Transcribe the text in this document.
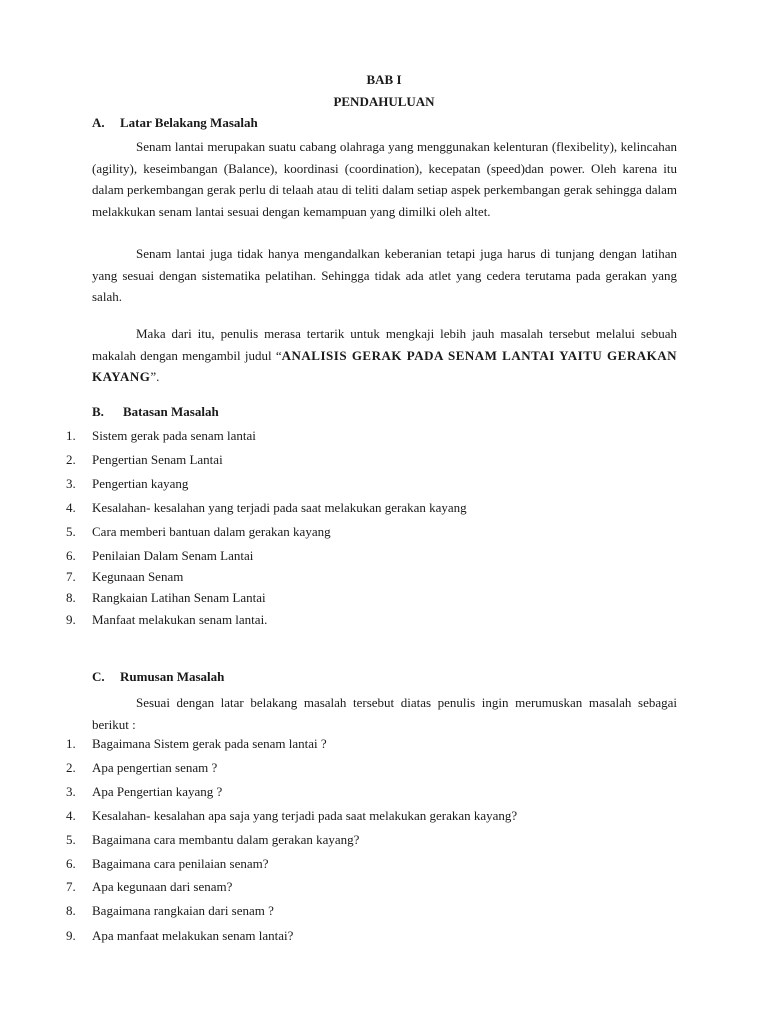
BAB I
PENDAHULUAN
A. Latar Belakang Masalah
Senam lantai merupakan suatu cabang olahraga yang menggunakan kelenturan (flexibelity), kelincahan (agility), keseimbangan (Balance), koordinasi (coordination), kecepatan (speed)dan power. Oleh karena itu dalam perkembangan gerak perlu di telaah atau di teliti dalam setiap aspek perkembangan gerak sehingga dalam melakkukan senam lantai sesuai dengan kemampuan yang dimilki oleh altet.
Senam lantai juga tidak hanya mengandalkan keberanian tetapi juga harus di tunjang dengan latihan yang sesuai dengan sistematika pelatihan. Sehingga tidak ada atlet yang cedera terutama pada gerakan yang salah.
Maka dari itu, penulis merasa tertarik untuk mengkaji lebih jauh masalah tersebut melalui sebuah makalah dengan mengambil judul “ANALISIS GERAK PADA SENAM LANTAI YAITU GERAKAN KAYANG”.
B. Batasan Masalah
1. Sistem gerak pada senam lantai
2. Pengertian Senam Lantai
3. Pengertian kayang
4. Kesalahan- kesalahan yang terjadi pada saat melakukan gerakan kayang
5. Cara memberi bantuan dalam gerakan kayang
6. Penilaian Dalam Senam Lantai
7. Kegunaan Senam
8. Rangkaian Latihan Senam Lantai
9. Manfaat melakukan senam lantai.
C. Rumusan Masalah
Sesuai dengan latar belakang masalah tersebut diatas penulis ingin merumuskan masalah sebagai berikut :
1. Bagaimana Sistem gerak pada senam lantai ?
2. Apa pengertian senam ?
3. Apa Pengertian kayang ?
4. Kesalahan- kesalahan apa saja yang terjadi pada saat melakukan gerakan kayang?
5. Bagaimana cara membantu dalam gerakan kayang?
6. Bagaimana cara penilaian senam?
7. Apa kegunaan dari senam?
8. Bagaimana rangkaian dari senam ?
9. Apa manfaat melakukan senam lantai?
